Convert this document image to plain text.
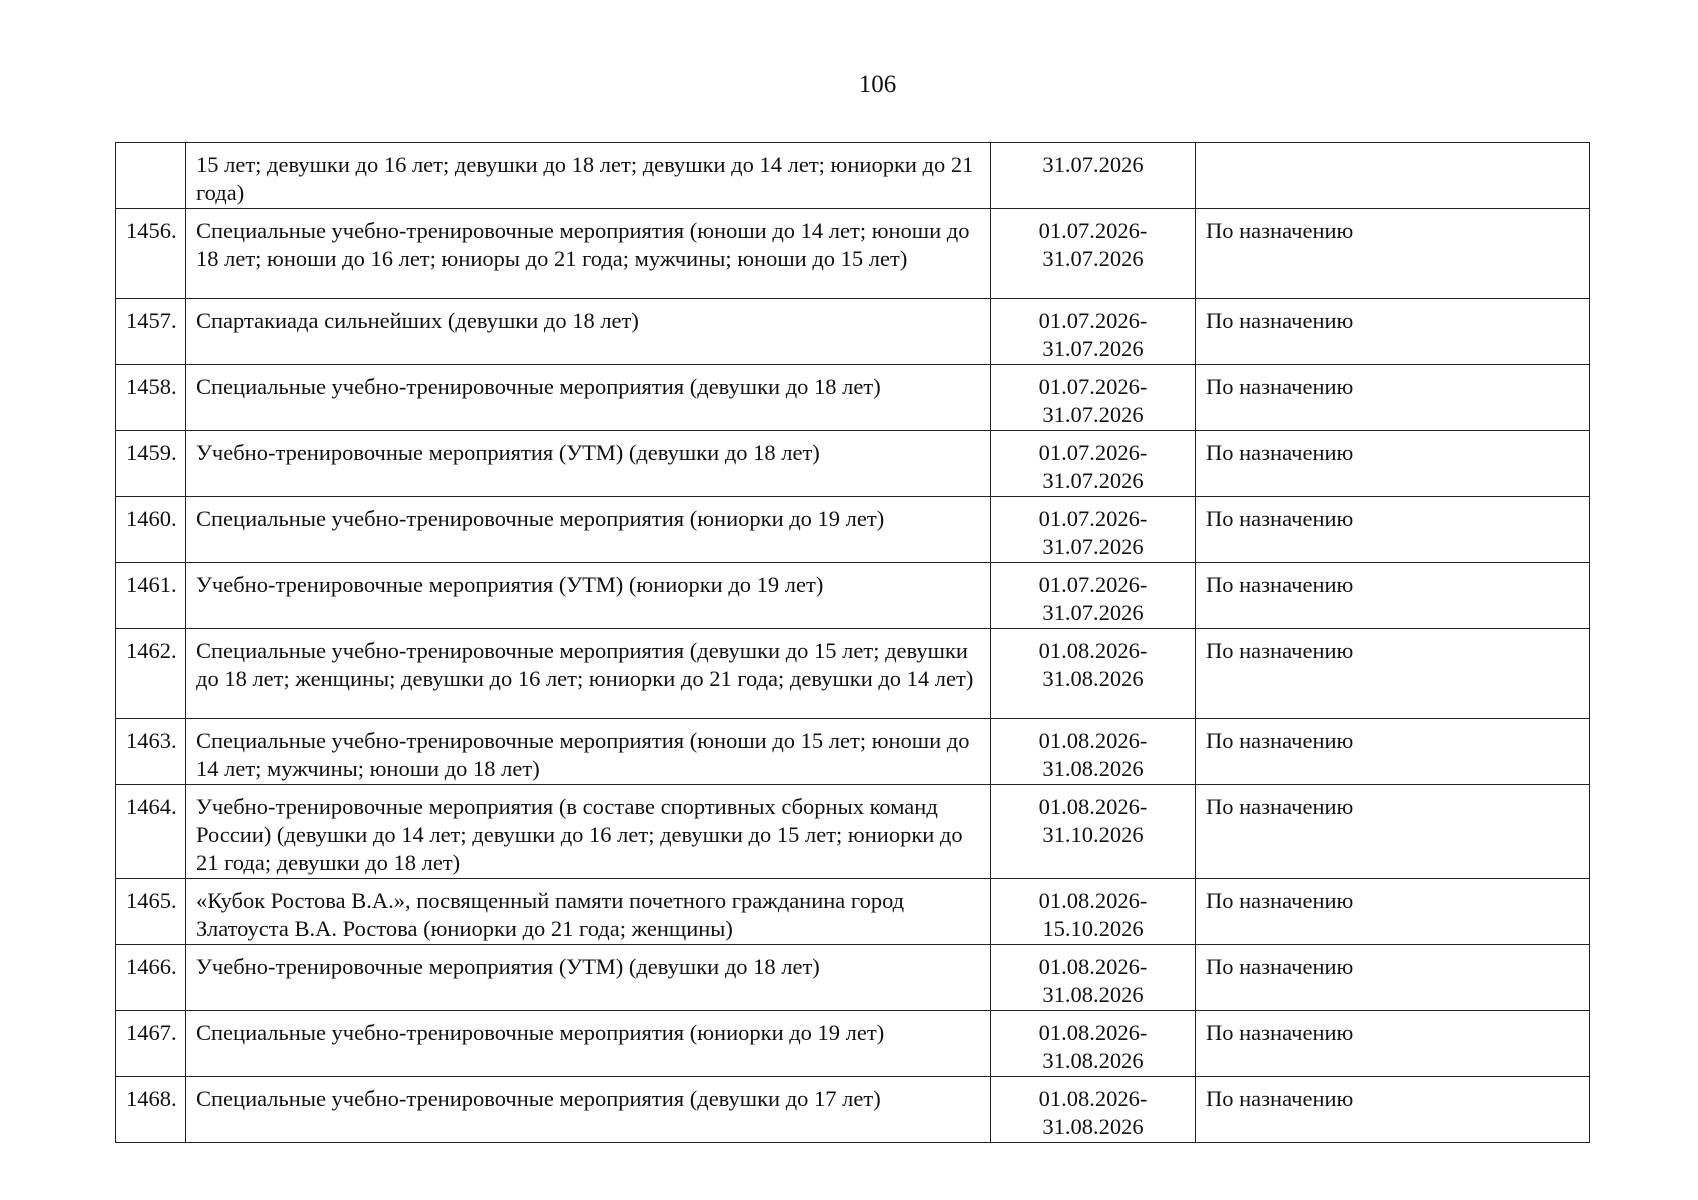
106
	15 лет; девушки до 16 лет; девушки до 18 лет; девушки до 14 лет; юниорки до 21 года)	31.07.2026	
1456.	Специальные учебно-тренировочные мероприятия (юноши до 14 лет; юноши до 18 лет; юноши до 16 лет; юниоры до 21 года; мужчины; юноши до 15 лет)	01.07.2026-31.07.2026	По назначению
1457.	Спартакиада сильнейших (девушки до 18 лет)	01.07.2026-31.07.2026	По назначению
1458.	Специальные учебно-тренировочные мероприятия (девушки до 18 лет)	01.07.2026-31.07.2026	По назначению
1459.	Учебно-тренировочные мероприятия (УТМ) (девушки до 18 лет)	01.07.2026-31.07.2026	По назначению
1460.	Специальные учебно-тренировочные мероприятия (юниорки до 19 лет)	01.07.2026-31.07.2026	По назначению
1461.	Учебно-тренировочные мероприятия (УТМ) (юниорки до 19 лет)	01.07.2026-31.07.2026	По назначению
1462.	Специальные учебно-тренировочные мероприятия (девушки до 15 лет; девушки до 18 лет; женщины; девушки до 16 лет; юниорки до 21 года; девушки до 14 лет)	01.08.2026-31.08.2026	По назначению
1463.	Специальные учебно-тренировочные мероприятия (юноши до 15 лет; юноши до 14 лет; мужчины; юноши до 18 лет)	01.08.2026-31.08.2026	По назначению
1464.	Учебно-тренировочные мероприятия (в составе спортивных сборных команд России) (девушки до 14 лет; девушки до 16 лет; девушки до 15 лет; юниорки до 21 года; девушки до 18 лет)	01.08.2026-31.10.2026	По назначению
1465.	«Кубок Ростова В.А.», посвященный памяти почетного гражданина город Златоуста В.А. Ростова (юниорки до 21 года; женщины)	01.08.2026-15.10.2026	По назначению
1466.	Учебно-тренировочные мероприятия (УТМ) (девушки до 18 лет)	01.08.2026-31.08.2026	По назначению
1467.	Специальные учебно-тренировочные мероприятия (юниорки до 19 лет)	01.08.2026-31.08.2026	По назначению
1468.	Специальные учебно-тренировочные мероприятия (девушки до 17 лет)	01.08.2026-31.08.2026	По назначению
